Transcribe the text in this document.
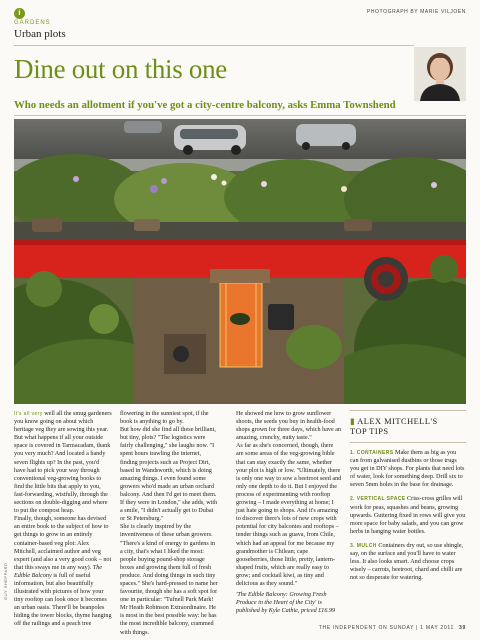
i
GARDENS
Urban plots
PHOTOGRAPH BY MARIE VILJOEN
Dine out on this one
Who needs an allotment if you've got a city-centre balcony, asks Emma Townshend
GUY SHEPPARD

It's all very well all the smug gardeners you know going on about which heritage veg they are sowing this year. But what happens if all your outside space is covered in Tarmacadam, thank you very much? And located a handy seven flights up? In the past, you'd have had to pick your way through conventional veg-growing books to find the little bits that apply to you, fast-forwarding, wistfully, through the sections on double-digging and where to put the compost heap.

Finally, though, someone has devised an entire book to the subject of how to get things to grow in an entirely container-based veg plot: Alex Mitchell, acclaimed author and veg expert (and also a very good cook – not that this sways me in any way). The Edible Balcony is full of useful information, but also beautifully illustrated with pictures of how your tiny rooftop can look once it becomes an urban oasis. There'll be beanpoles hiding the tower blocks, thyme hanging off the railings and a peach tree

flowering in the sunniest spot, if the book is anything to go by.

But how did she find all these brilliant, but tiny, plots? "The logistics were fairly challenging," she laughs now. "I spent hours trawling the internet, finding projects such as Project Dirt, based in Wandsworth, which is doing amazing things. I even found some growers who'd made an urban orchard balcony. And then I'd get to meet them. If they were in London," she adds, with a smile, "I didn't actually get to Dubai or St Petersburg."

She is clearly inspired by the inventiveness of these urban growers. "There's a kind of energy to gardens in a city, that's what I liked the most: people buying pound-shop storage boxes and growing them full of fresh produce. And doing things in such tiny spaces." She's hard-pressed to name her favourite, though she has a soft spot for one in particular: "Tufnell Park Mark! Mr Heath Robinson Extraordinaire. He is most in the best possible way: he has the most incredible balcony, crammed with things.

He showed me how to grow sunflower shoots, the seeds you buy in health-food shops grown for three days, which have an amazing, crunchy, nutty taste."

As far as she's concerned, though, there are some areas of the veg-growing bible that can stay exactly the same, whether your plot is high or low. "Ultimately, there is only one way to sow a beetroot seed and only one depth to do it. But I enjoyed the process of experimenting with rooftop growing – I made everything at home; I just hate going to shops. And it's amazing to discover there's lots of new crops with potential for city balconies and rooftops – tender things such as guava, from Chile, which had an appeal for me because my grandmother is Chilean; cape gooseberries, those little, pretty, lantern-shaped fruits, which are really easy to grow; and cocktail kiwi, as tiny and delicious as they sound."

'The Edible Balcony: Growing Fresh Produce in the Heart of the City' is published by Kyle Cathie, priced £16.99

▮ ALEX MITCHELL'S
TOP TIPS

1. CONTAINERS Make them as big as you can from galvanised dustbins or those trugs you get in DIY shops. For plants that need lots of water, look for something deep. Drill six to seven 5mm holes in the base for drainage.

2. VERTICAL SPACE Criss-cross grilles will work for peas, squashes and beans, growing upwards. Guttering fixed in rows will give you more space for baby salads, and you can grow herbs in hanging water bottles.

3. MULCH Containers dry out, so use shingle, say, on the surface and you'll have to water less. It also looks smart. And choose crops wisely – carrots, beetroot, chard and chilli are not so desperate for watering.

THE INDEPENDENT ON SUNDAY | 1 MAY 2011 39
